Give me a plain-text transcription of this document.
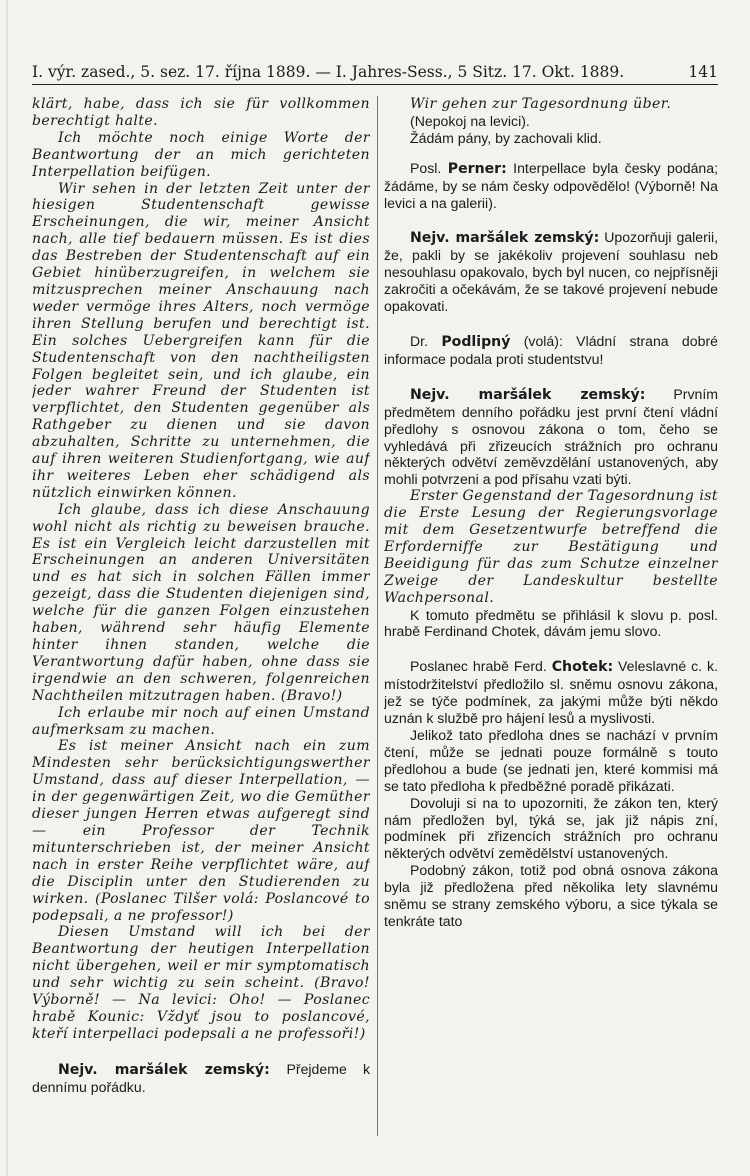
I. výr. zased., 5. sez. 17. října 1889. — I. Jahres-Sess., 5 Sitz. 17. Okt. 1889.	141

klärt, habe, dass ich sie für vollkommen berechtigt halte.

Ich möchte noch einige Worte der Beantwortung der an mich gerichteten Interpellation beifügen.

Wir sehen in der letzten Zeit unter der hiesigen Studentenschaft gewisse Erscheinungen, die wir, meiner Ansicht nach, alle tief bedauern müssen. Es ist dies das Bestreben der Studentenschaft auf ein Gebiet hinüberzugreifen, in welchem sie mitzusprechen meiner Anschauung nach weder vermöge ihres Alters, noch vermöge ihren Stellung berufen und berechtigt ist. Ein solches Uebergreifen kann für die Studentenschaft von den nachtheiligsten Folgen begleitet sein, und ich glaube, ein jeder wahrer Freund der Studenten ist verpflichtet, den Studenten gegenüber als Rathgeber zu dienen und sie davon abzuhalten, Schritte zu unternehmen, die auf ihren weiteren Studienfortgang, wie auf ihr weiteres Leben eher schädigend als nützlich einwirken können.

Ich glaube, dass ich diese Anschauung wohl nicht als richtig zu beweisen brauche. Es ist ein Vergleich leicht darzustellen mit Erscheinungen an anderen Universitäten und es hat sich in solchen Fällen immer gezeigt, dass die Studenten diejenigen sind, welche für die ganzen Folgen einzustehen haben, während sehr häufig Elemente hinter ihnen standen, welche die Verantwortung dafür haben, ohne dass sie irgendwie an den schweren, folgenreichen Nachtheilen mitzutragen haben. (Bravo!)

Ich erlaube mir noch auf einen Umstand aufmerksam zu machen.

Es ist meiner Ansicht nach ein zum Mindesten sehr berücksichtigungswerther Umstand, dass auf dieser Interpellation, — in der gegenwärtigen Zeit, wo die Gemüther dieser jungen Herren etwas aufgeregt sind — ein Professor der Technik mitunterschrieben ist, der meiner Ansicht nach in erster Reihe verpflichtet wäre, auf die Disciplin unter den Studierenden zu wirken. (Poslanec Tilšer volá: Poslancové to podepsali, a ne professor!)

Diesen Umstand will ich bei der Beantwortung der heutigen Interpellation nicht übergehen, weil er mir symptomatisch und sehr wichtig zu sein scheint. (Bravo! Výborně! — Na levici: Oho! — Poslanec hrabě Kounic: Vždyť jsou to poslancové, kteří interpellaci podepsali a ne professoři!)

Nejv. maršálek zemský: Přejdeme k dennímu pořádku.

Wir gehen zur Tagesordnung über.

(Nepokoj na levici).

Žádám pány, by zachovali klid.

Posl. Perner: Interpellace byla česky podána; žádáme, by se nám česky odpovědělo! (Výborně! Na levici a na galerii).

Nejv. maršálek zemský: Upozorňuji galerii, že, pakli by se jakékoliv projevení souhlasu neb nesouhlasu opakovalo, bych byl nucen, co nejpřísněji zakročiti a očekávám, že se takové projevení nebude opakovati.

Dr. Podlipný (volá): Vládní strana dobré informace podala proti studentstvu!

Nejv. maršálek zemský: Prvním předmětem denního pořádku jest první čtení vládní předlohy s osnovou zákona o tom, čeho se vyhledává při zřizeucích strážních pro ochranu některých odvětví zeměvzdělání ustanovených, aby mohli potvrzeni a pod přísahu vzati býti.

Erster Gegenstand der Tagesordnung ist die Erste Lesung der Regierungsvorlage mit dem Gesetzentwurfe betreffend die Erforderniffe zur Bestätigung und Beeidigung für das zum Schutze einzelner Zweige der Landeskultur bestellte Wachpersonal.

K tomuto předmětu se přihlásil k slovu p. posl. hrabě Ferdinand Chotek, dávám jemu slovo.

Poslanec hrabě Ferd. Chotek: Veleslavné c. k. místodržitelství předložilo sl. sněmu osnovu zákona, jež se týče podmínek, za jakými může býti někdo uznán k službě pro hájení lesů a myslivosti.

Jelikož tato předloha dnes se nachází v prvním čtení, může se jednati pouze formálně s touto předlohou a bude (se jednati jen, které kommisi má se tato předloha k předběžné poradě přikázati.

Dovoluji si na to upozorniti, že zákon ten, který nám předložen byl, týká se, jak již nápis zní, podmínek při zřizencích strážních pro ochranu některých odvětví zemědělství ustanovených.

Podobný zákon, totiž pod obná osnova zákona byla již předložena před několika lety slavnému sněmu se strany zemského výboru, a sice týkala se tenkráte tato
